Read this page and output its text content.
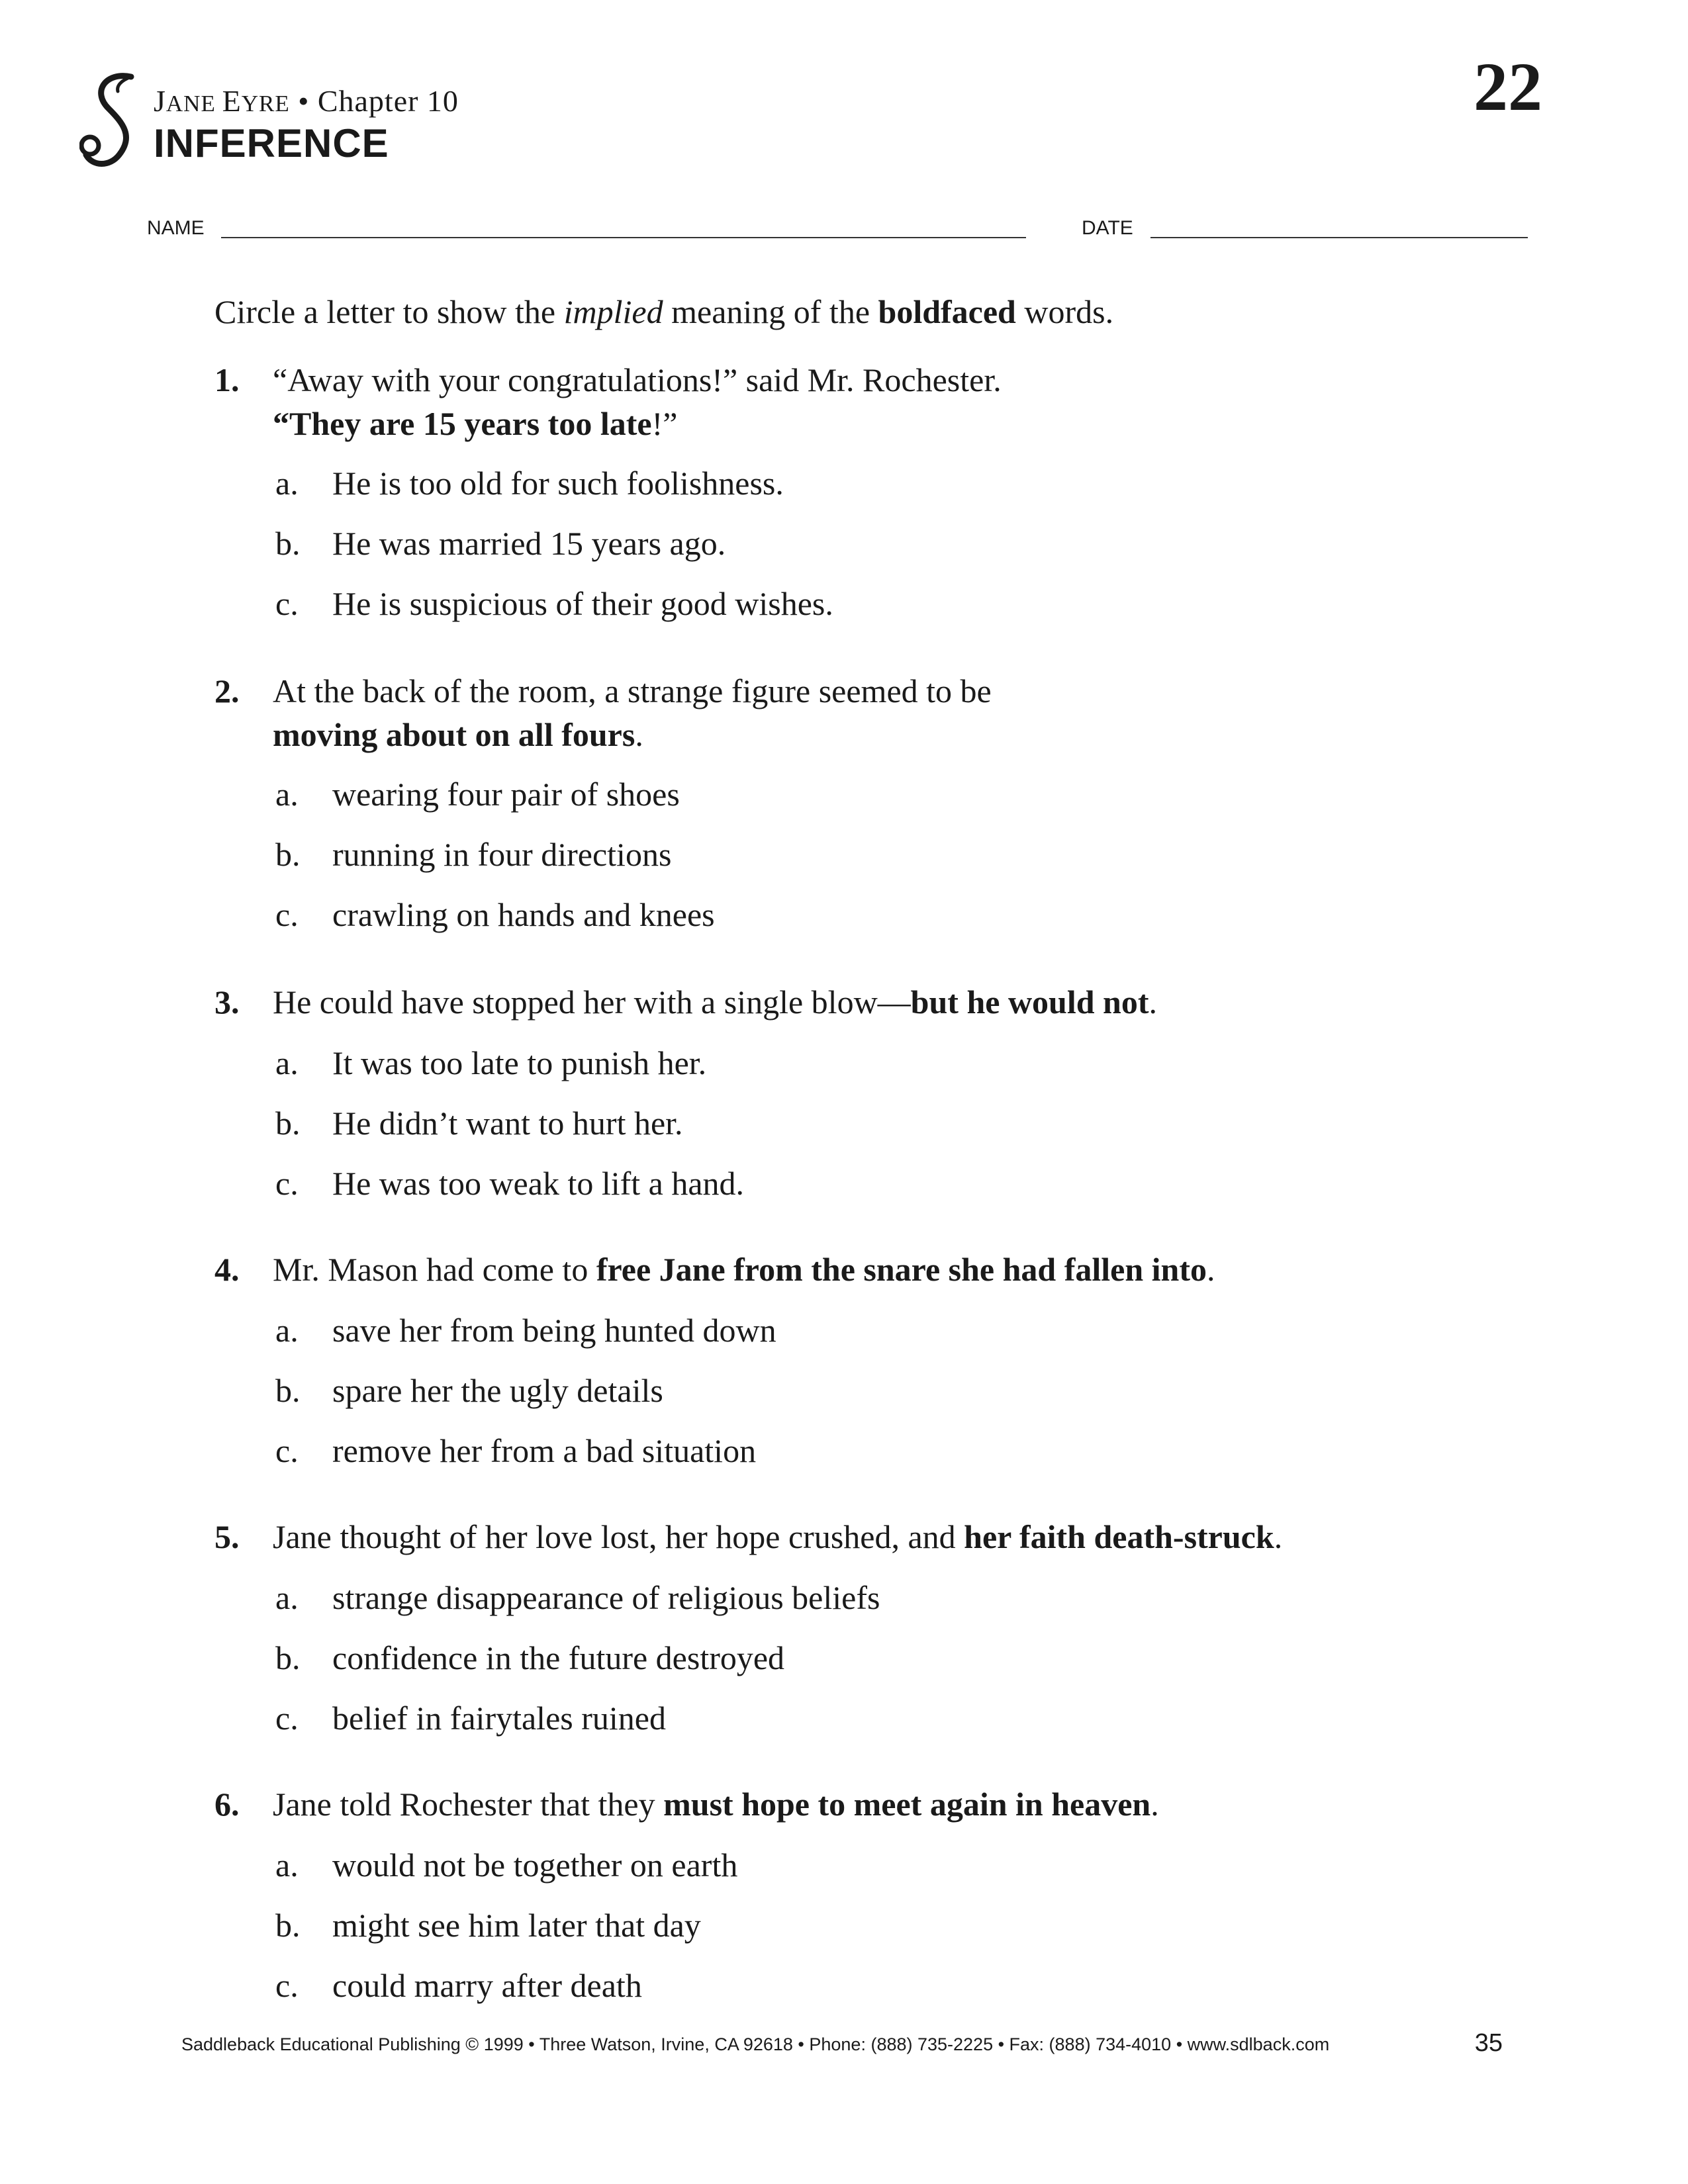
JANE EYRE • Chapter 10
INFERENCE
22
NAME	DATE
Circle a letter to show the implied meaning of the boldfaced words.
1. “Away with your congratulations!” said Mr. Rochester.
“They are 15 years too late!”
a. He is too old for such foolishness.
b. He was married 15 years ago.
c. He is suspicious of their good wishes.
2. At the back of the room, a strange figure seemed to be
moving about on all fours.
a. wearing four pair of shoes
b. running in four directions
c. crawling on hands and knees
3. He could have stopped her with a single blow—but he would not.
a. It was too late to punish her.
b. He didn’t want to hurt her.
c. He was too weak to lift a hand.
4. Mr. Mason had come to free Jane from the snare she had fallen into.
a. save her from being hunted down
b. spare her the ugly details
c. remove her from a bad situation
5. Jane thought of her love lost, her hope crushed, and her faith death-struck.
a. strange disappearance of religious beliefs
b. confidence in the future destroyed
c. belief in fairytales ruined
6. Jane told Rochester that they must hope to meet again in heaven.
a. would not be together on earth
b. might see him later that day
c. could marry after death
Saddleback Educational Publishing © 1999 • Three Watson, Irvine, CA 92618 • Phone: (888) 735-2225 • Fax: (888) 734-4010 • www.sdlback.com	35
